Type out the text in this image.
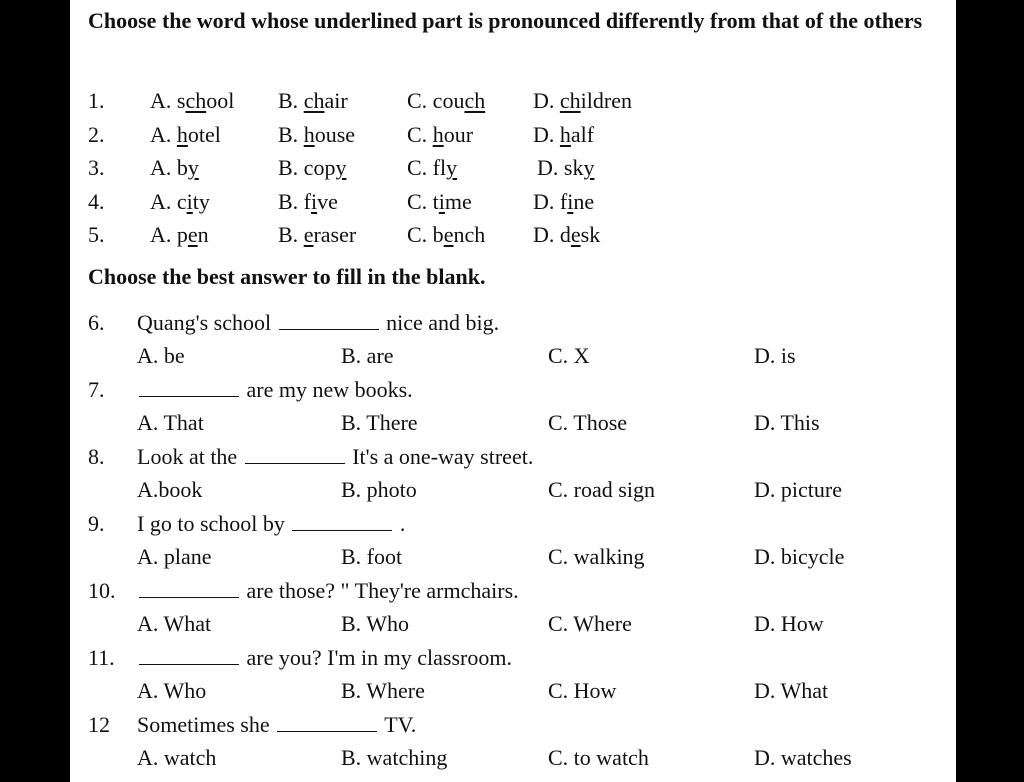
Choose the word whose underlined part is pronounced differently from that of the others
1. A. school B. chair	C. couch D. children
2. A. hotel	B. house C. hour	D. half
3. A. by	B. copy	C. fly	D. sky
4. A. city	B. five	C. time	D. fine
5. A. pen	B. eraser C. bench D. desk
Choose the best answer to fill in the blank.
6. Quang's school	nice and big.
A. be	B. are	C. X	D. is
7.	are my new books.
A. That	B. There	C. Those	D. This
8. Look at the	It's a one-way street.
A.book	B. photo	C. road sign	D. picture
9. I go to school by	.
A. plane	B. foot	C. walking	D. bicycle
10.	are those? " They're armchairs.
A. What	B. Who	C. Where	D. How
11.	are you? I'm in my classroom.
A. Who	B. Where	C. How	D. What
12 Sometimes she	TV.
A. watch	B. watching	C. to watch	D. watches
